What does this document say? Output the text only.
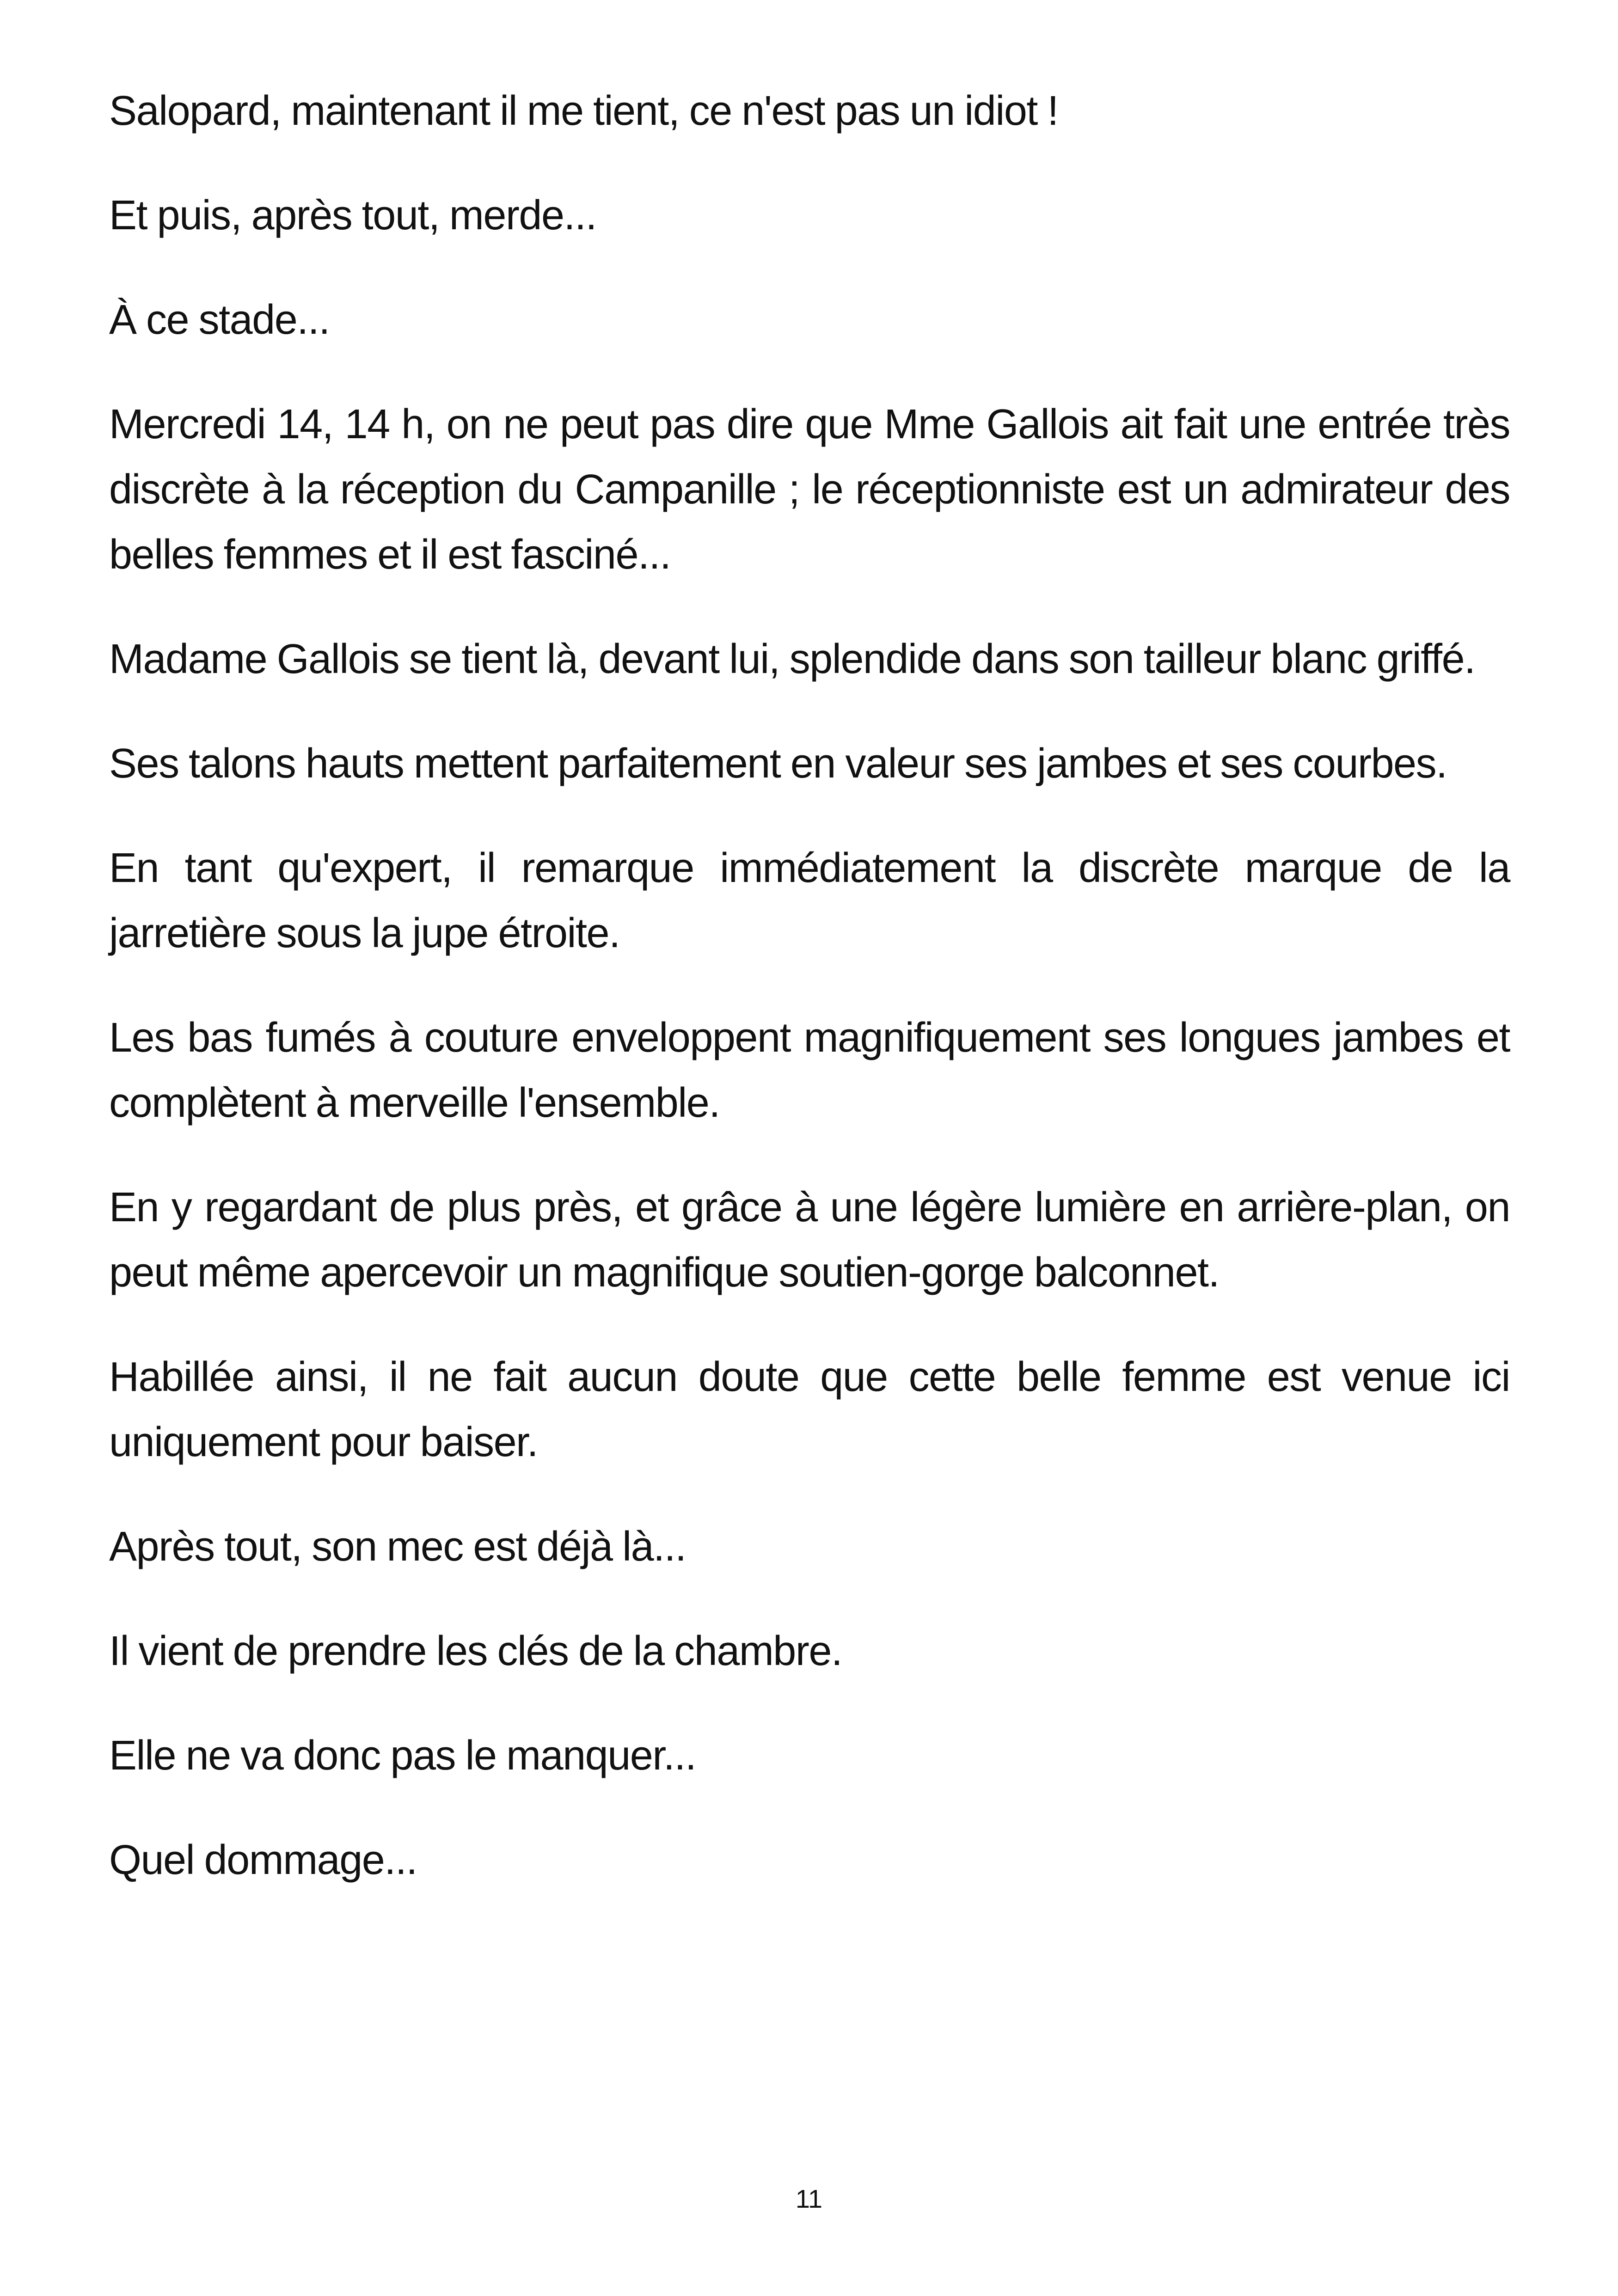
Salopard, maintenant il me tient, ce n'est pas un idiot !

Et puis, après tout, merde...

À ce stade...

Mercredi 14, 14 h, on ne peut pas dire que Mme Gallois ait fait une entrée très discrète à la réception du Campanille ; le réceptionniste est un admirateur des belles femmes et il est fasciné...

Madame Gallois se tient là, devant lui, splendide dans son tailleur blanc griffé.

Ses talons hauts mettent parfaitement en valeur ses jambes et ses courbes.

En tant qu'expert, il remarque immédiatement la discrète marque de la jarretière sous la jupe étroite.

Les bas fumés à couture enveloppent magnifiquement ses longues jambes et complètent à merveille l'ensemble.

En y regardant de plus près, et grâce à une légère lumière en arrière-plan, on peut même apercevoir un magnifique soutien-gorge balconnet.

Habillée ainsi, il ne fait aucun doute que cette belle femme est venue ici uniquement pour baiser.

Après tout, son mec est déjà là...

Il vient de prendre les clés de la chambre.

Elle ne va donc pas le manquer...

Quel dommage...

11
